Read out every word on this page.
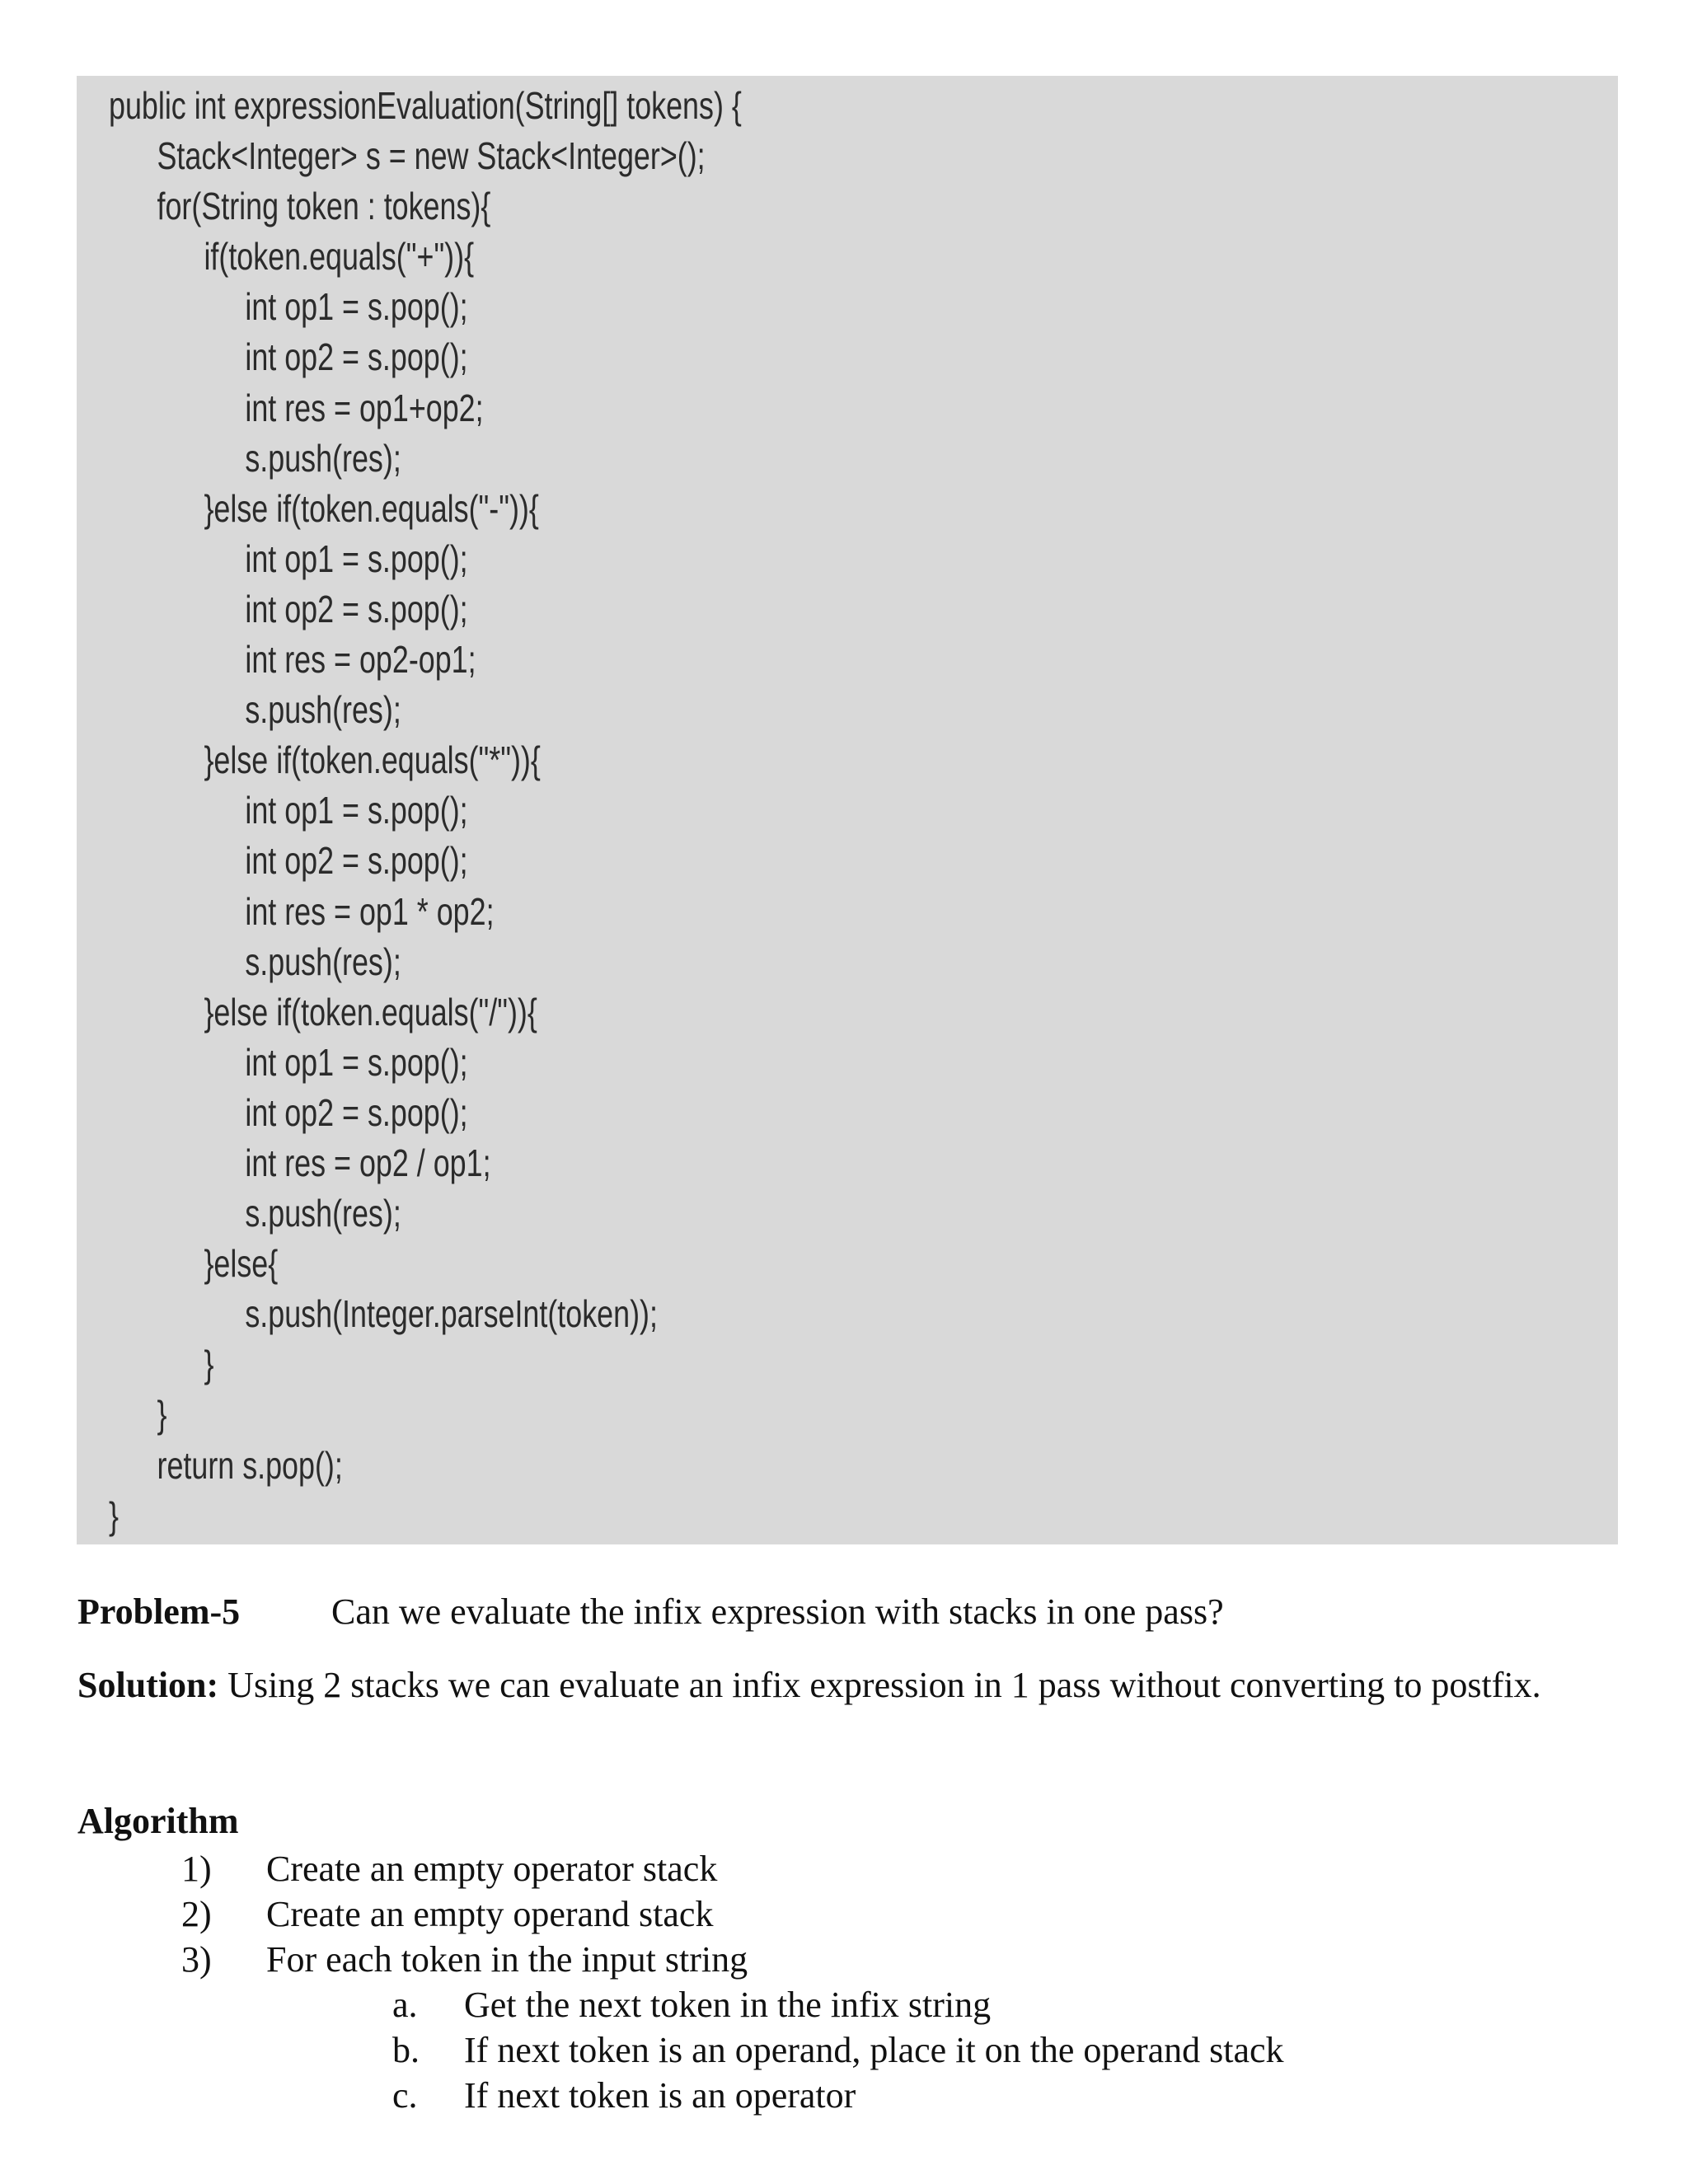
public int expressionEvaluation(String[] tokens) {
Stack<Integer> s = new Stack<Integer>();
for(String token : tokens){
if(token.equals("+")){
int op1 = s.pop();
int op2 = s.pop();
int res = op1+op2;
s.push(res);
}else if(token.equals("-")){
int op1 = s.pop();
int op2 = s.pop();
int res = op2-op1;
s.push(res);
}else if(token.equals("*")){
int op1 = s.pop();
int op2 = s.pop();
int res = op1 * op2;
s.push(res);
}else if(token.equals("/")){
int op1 = s.pop();
int op2 = s.pop();
int res = op2 / op1;
s.push(res);
}else{
s.push(Integer.parseInt(token));
}
}
return s.pop();
}
Problem-5	Can we evaluate the infix expression with stacks in one pass?
Solution: Using 2 stacks we can evaluate an infix expression in 1 pass without converting to postfix.
Algorithm
1) Create an empty operator stack
2) Create an empty operand stack
3) For each token in the input string
a. Get the next token in the infix string
b. If next token is an operand, place it on the operand stack
c. If next token is an operator
